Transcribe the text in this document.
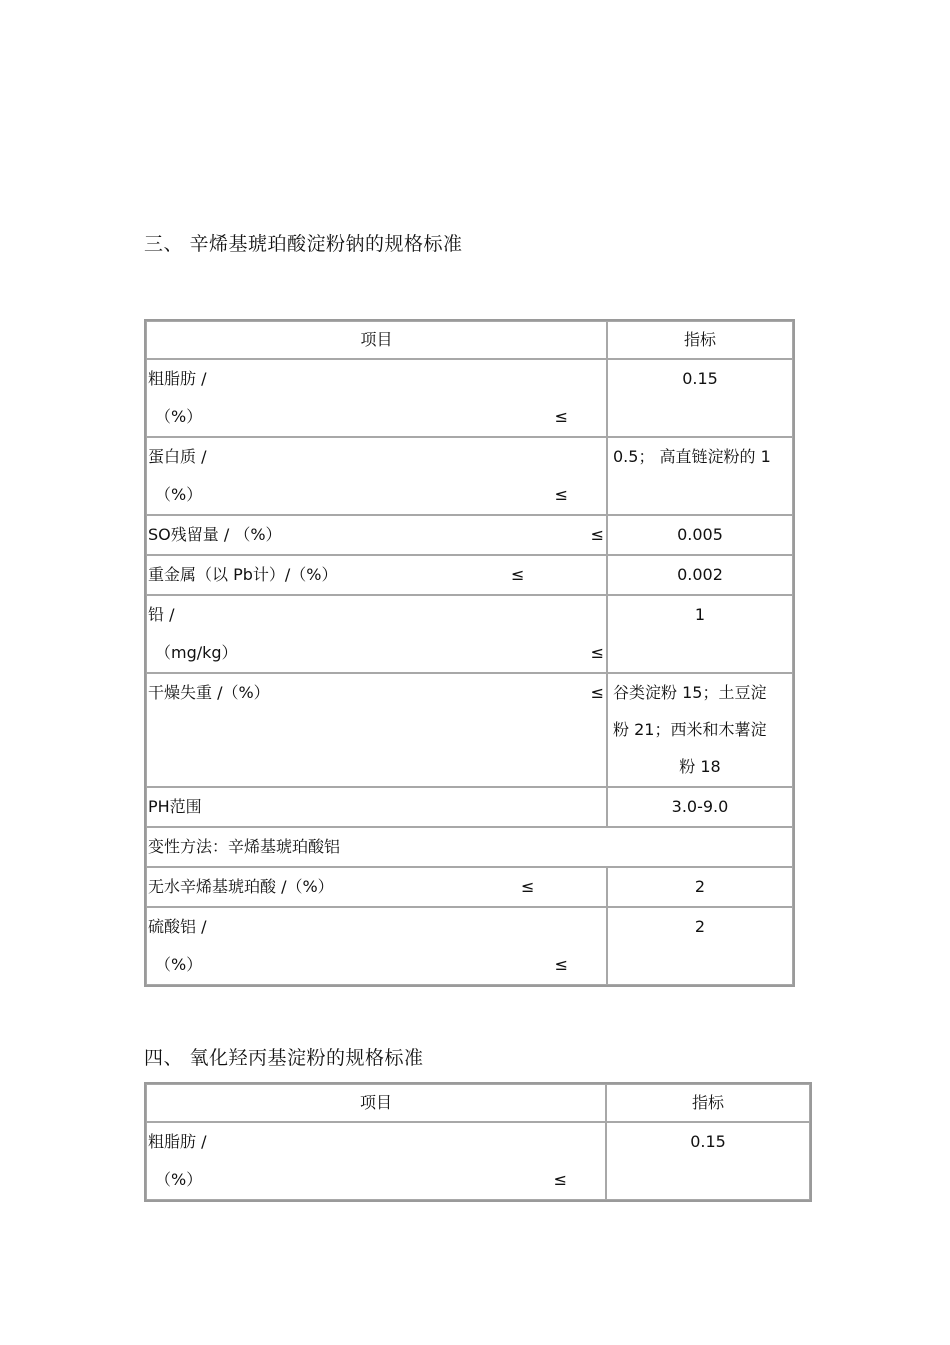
三、 辛烯基琥珀酸淀粉钠的规格标准
项目	指标

粗脂肪 /
（%） ≤	0.15

蛋白质 /
（%） ≤	0.5； 高直链淀粉的 1

SO残留量 / （%） ≤	0.005

重金属（以 Pb计）/（%） ≤	0.002

铅 /
（mg/kg） ≤	1

干燥失重 /（%） ≤	谷类淀粉 15；土豆淀
粉 21；西米和木薯淀
粉 18

PH范围	3.0-9.0

变性方法：辛烯基琥珀酸铝	

无水辛烯基琥珀酸 /（%） ≤	2

硫酸铝 /
（%） ≤	2
四、 氧化羟丙基淀粉的规格标准
项目	指标

粗脂肪 /
（%） ≤	0.15
